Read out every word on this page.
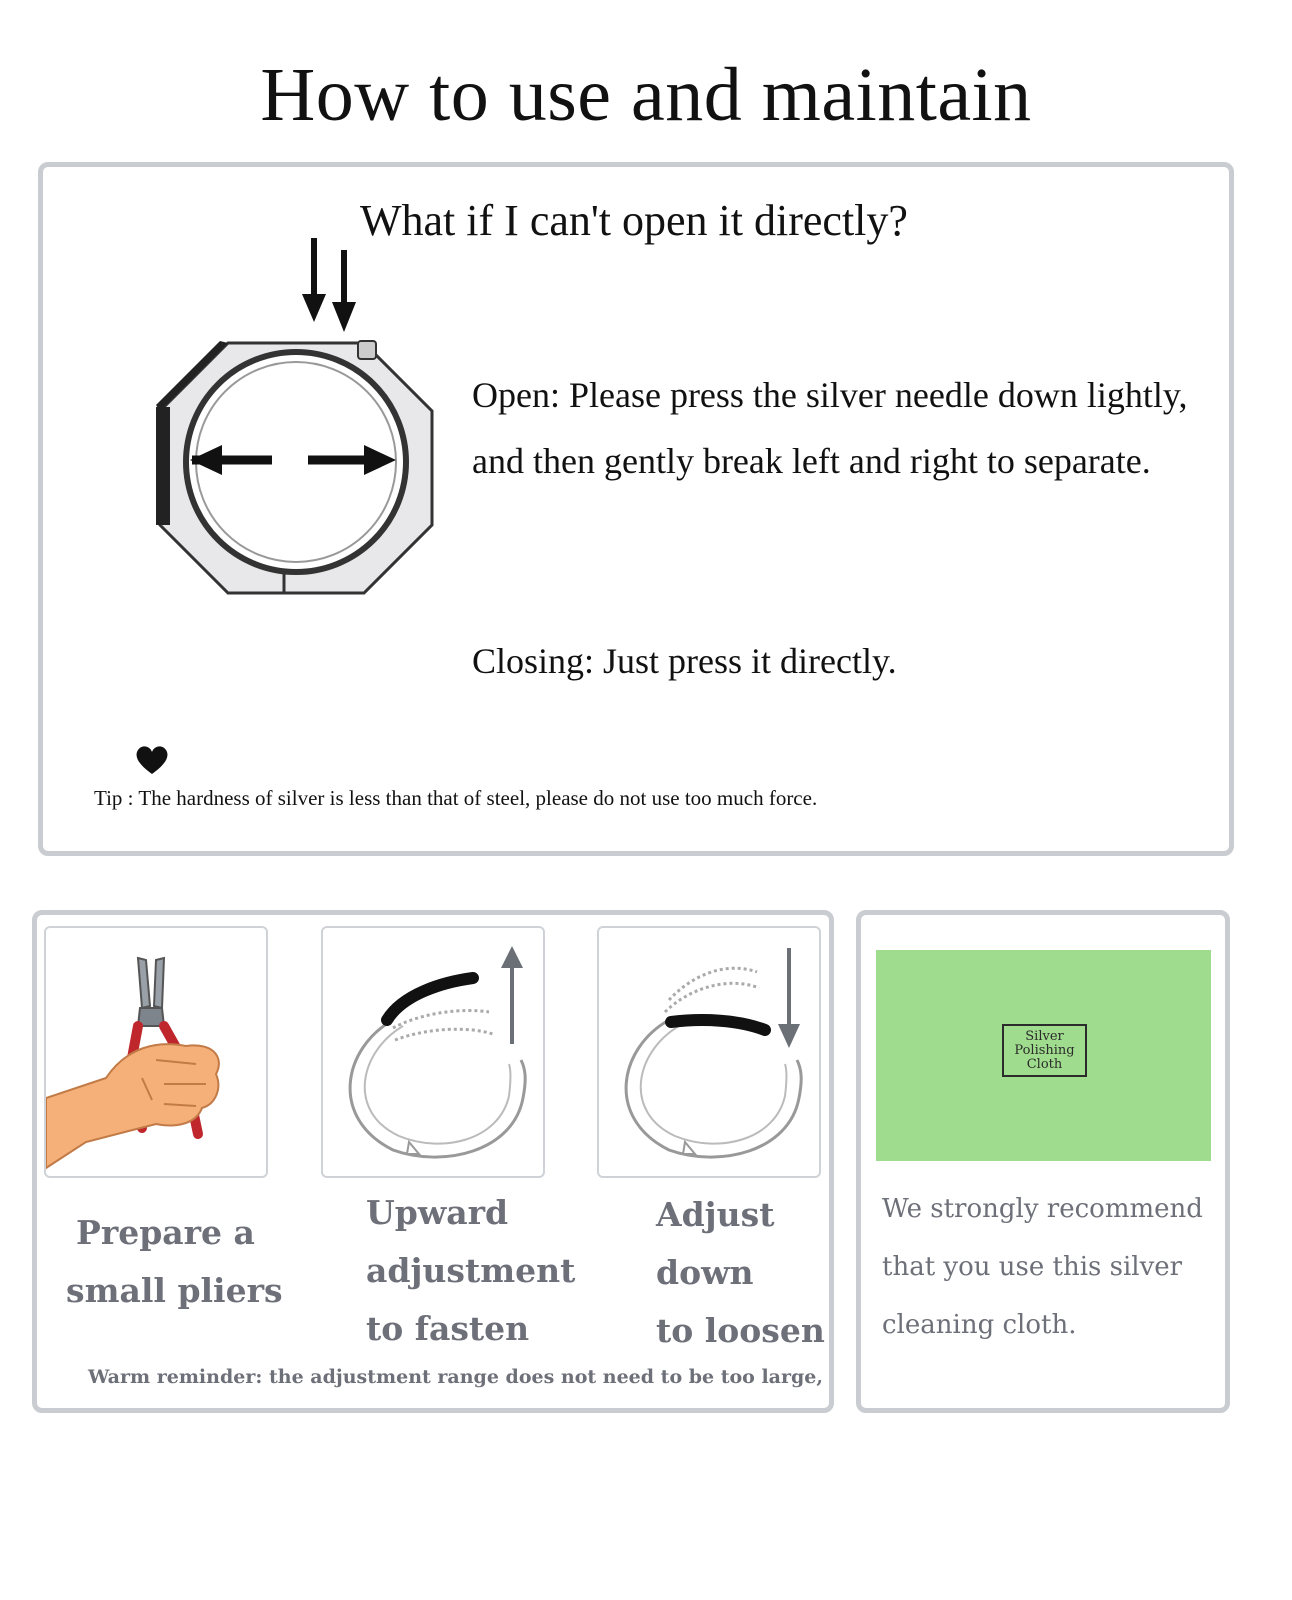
How to use and maintain
What if I can't open it directly?
Open: Please press the silver needle down lightly, and then gently break left and right to separate.
Closing: Just press it directly.
Tip : The hardness of silver is less than that of steel, please do not use too much force.
Prepare a
small pliers
Upward
adjustment
to fasten
Adjust
down
to loosen
Warm reminder: the adjustment range does not need to be too large,
Silver
Polishing
Cloth
We strongly recommend that you use this silver cleaning cloth.
